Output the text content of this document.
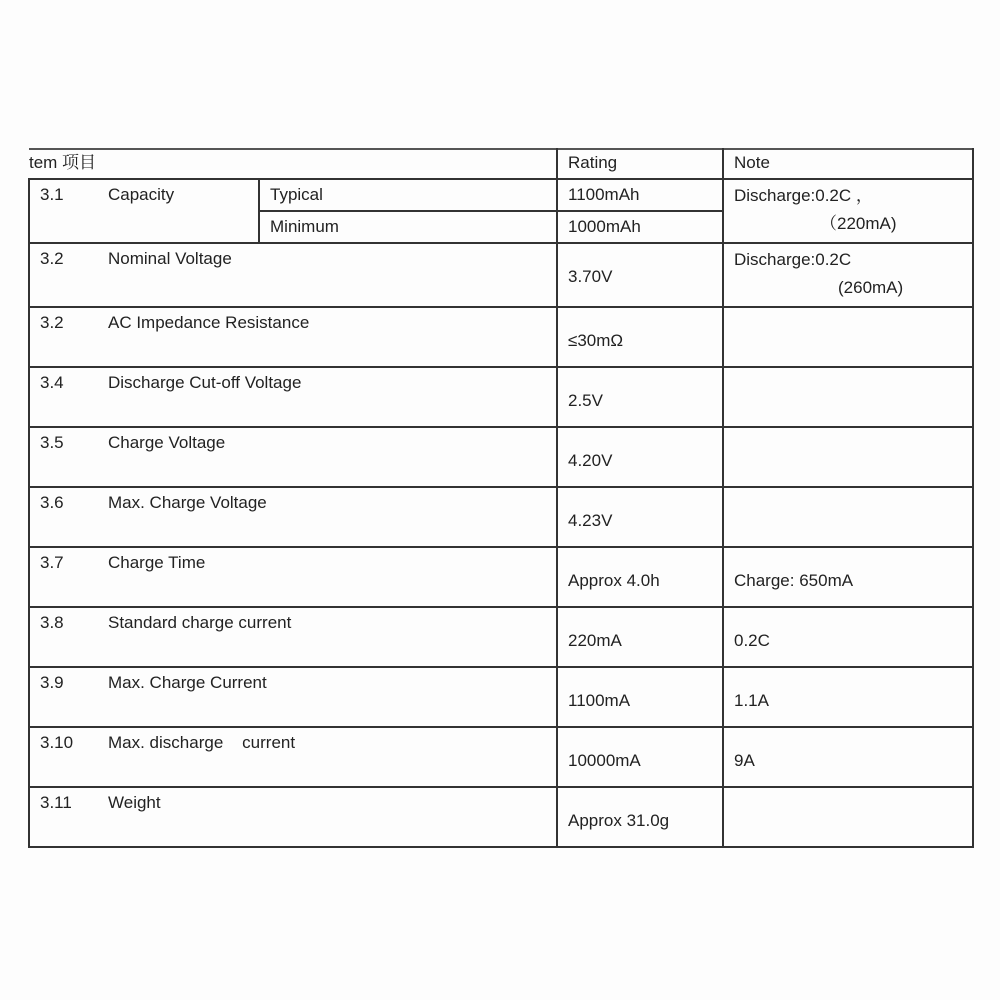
tem 项目		Rating	Note

3.1 Capacity	Typical	1100mAh	Discharge:0.2C ，
（220mA)

	Minimum	1000mAh	

3.2 Nominal Voltage		3.70V	Discharge:0.2C
(260mA)

3.2 AC Impedance Resistance		≤30mΩ	

3.4 Discharge Cut-off Voltage		2.5V	

3.5 Charge Voltage		4.20V	

3.6 Max. Charge Voltage		4.23V	

3.7 Charge Time		Approx 4.0h	Charge: 650mA

3.8 Standard charge current		220mA	0.2C

3.9 Max. Charge Current		1100mA	1.1A

3.10 Max. discharge    current		10000mA	9A

3.11 Weight		Approx 31.0g	
